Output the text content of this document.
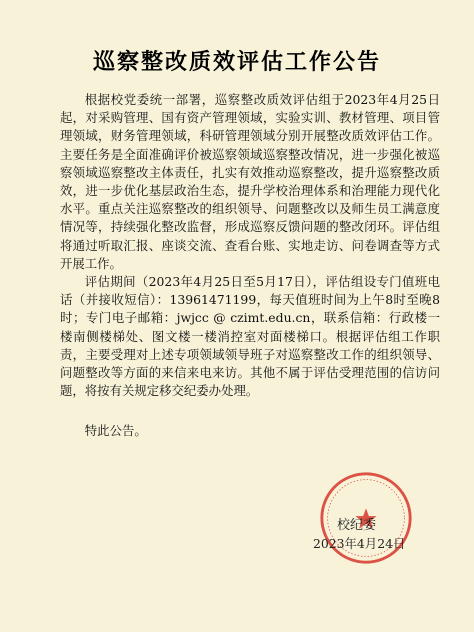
巡察整改质效评估工作公告

根据校党委统一部署，巡察整改质效评估组于2023年4月25日起，对采购管理、国有资产管理领域，实验实训、教材管理、项目管理领域，财务管理领域，科研管理领域分别开展整改质效评估工作。主要任务是全面准确评价被巡察领域巡察整改情况，进一步强化被巡察领域巡察整改主体责任，扎实有效推动巡察整改，提升巡察整改质效，进一步优化基层政治生态，提升学校治理体系和治理能力现代化水平。重点关注巡察整改的组织领导、问题整改以及师生员工满意度情况等，持续强化整改监督，形成巡察反馈问题的整改闭环。评估组将通过听取汇报、座谈交流、查看台账、实地走访、问卷调查等方式开展工作。

评估期间（2023年4月25日至5月17日），评估组设专门值班电话（并接收短信）：13961471199，每天值班时间为上午8时至晚8时；专门电子邮箱：jwjcc @ czimt.edu.cn，联系信箱：行政楼一楼南侧楼梯处、图文楼一楼消控室对面楼梯口。根据评估组工作职责，主要受理对上述专项领域领导班子对巡察整改工作的组织领导、问题整改等方面的来信来电来访。其他不属于评估受理范围的信访问题，将按有关规定移交纪委办处理。

特此公告。

校纪委
2023年4月24日
